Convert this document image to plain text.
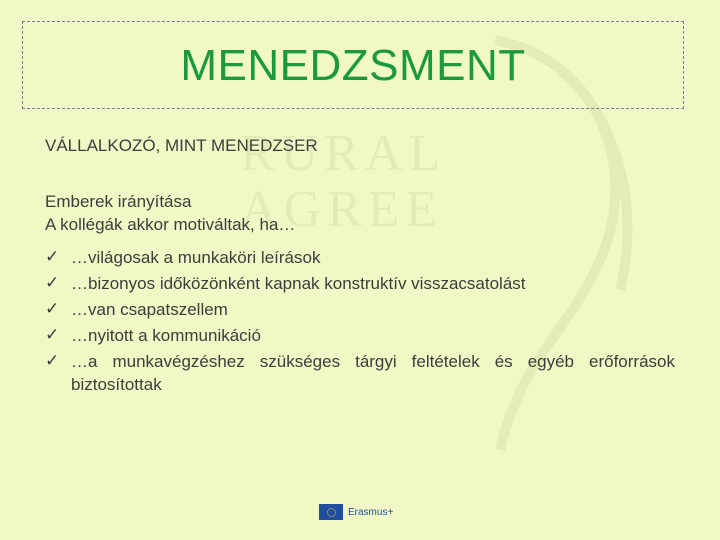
RURAL
AGREE
MENEDZSMENT
VÁLLALKOZÓ, MINT MENEDZSER
Emberek irányítása
A kollégák akkor motiváltak, ha…
✓ …világosak a munkaköri leírások
✓ …bizonyos időközönként kapnak konstruktív visszacsatolást
✓ …van csapatszellem
✓ …nyitott a kommunikáció
✓ …a munkavégzéshez szükséges tárgyi feltételek és egyéb erőforrások biztosítottak
Erasmus+
